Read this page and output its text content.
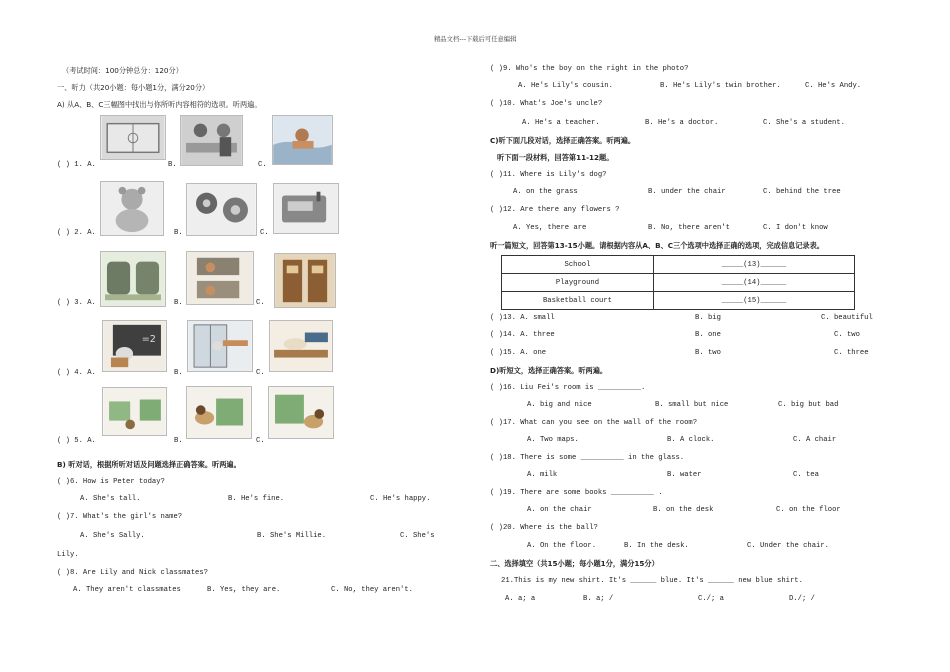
精品文档---下载后可任意编辑
（考试时间：100分钟总分：120分）
一、听力（共20小题：每小题1分，满分20分）
A) 从A、B、C三幅图中找出与你所听内容相符的选项。听两遍。
( ) 1. A.	B.	C.
( ) 2. A.	B.	C.
( ) 3. A.	B.	C.
=2
( ) 4. A.	B.	C.
( ) 5. A.	B.	C.
B) 听对话，根据所听对话及问题选择正确答案。听两遍。
( )6. How is Peter today?
A. She's tall.	B. He's fine.	C. He's happy.
( )7. What's the girl's name?
A. She's Sally.	B. She's Millie.	C. She's
Lily.
( )8. Are Lily and Nick classmates?
A. They aren't classmates	B. Yes, they are.	C. No, they aren't.
( )9. Who's the boy on the right in the photo?
A. He's Lily's cousin.	B. He's Lily's twin brother.	C. He's Andy.
( )10. What's Joe's uncle?
A. He's a teacher.	B. He's a doctor.	C. She's a student.
C)听下面几段对话，选择正确答案。听两遍。
听下面一段材料，回答第11-12题。
( )11. Where is Lily's dog?
A. on the grass	B. under the chair	C. behind the tree
( )12. Are there any flowers ?
A. Yes, there are	B. No, there aren't	C. I don't know
听一篇短文，回答第13-15小题。请根据内容从A、B、C三个选项中选择正确的选项，完成信息记录表。
School	_____(13)______
Playground	_____(14)______
Basketball court	_____(15)______
( )13. A. small	B. big	C. beautiful
( )14. A. three	B. one	C. two
( )15. A. one	B. two	C. three
D)听短文，选择正确答案。听两遍。
( )16. Liu Fei's room is __________.
A. big and nice	B. small but nice	C. big but bad
( )17. What can you see on the wall of the room?
A. Two maps.	B. A clock.	C. A chair
( )18. There is some __________ in the glass.
A. milk	B. water	C. tea
( )19. There are some books __________ .
A. on the chair	B. on the desk	C. on the floor
( )20. Where is the ball?
A. On the floor.	B. In the desk.	C. Under the chair.
二、选择填空（共15小题；每小题1分，满分15分）
21.This is my new shirt. It's ______ blue. It's ______ new blue shirt.
A. a; a	B. a; /	C./; a	D./; /
